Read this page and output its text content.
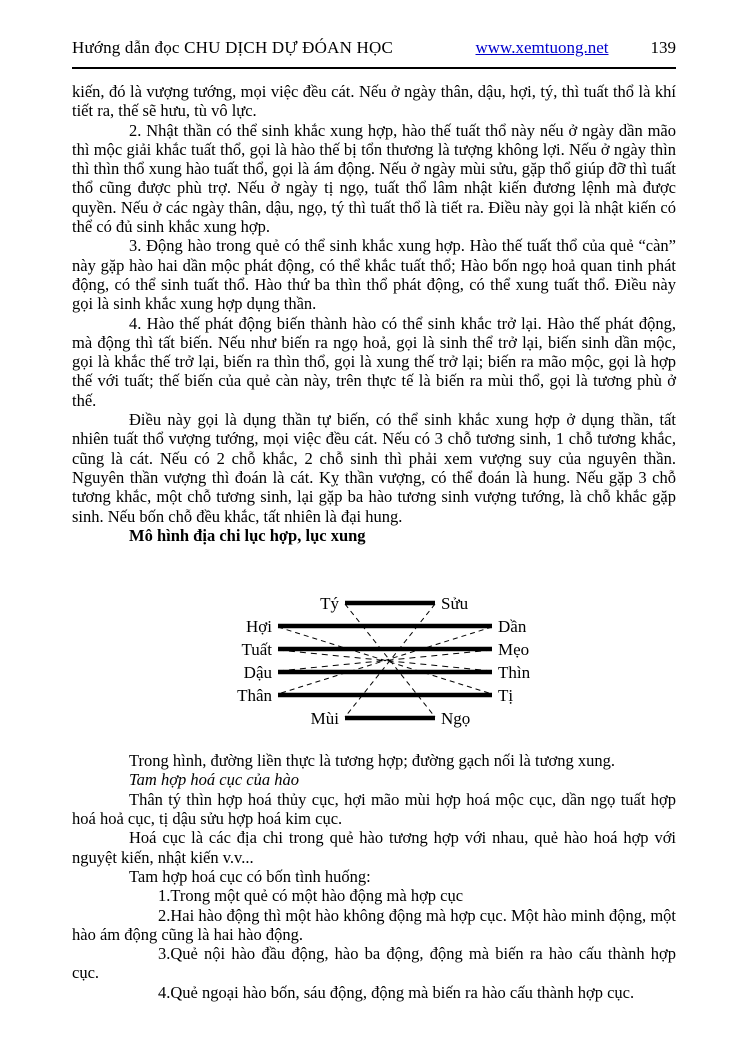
Hướng dẫn đọc CHU DỊCH DỰ ĐÓAN HỌC	www.xemtuong.net 139

kiến, đó là vượng tướng, mọi việc đều cát. Nếu ở ngày thân, dậu, hợi, tý, thì tuất thổ là khí tiết ra, thế sẽ hưu, tù vô lực.

2. Nhật thần có thể sinh khắc xung hợp, hào thế tuất thổ này nếu ở ngày dần mão thì mộc giải khắc tuất thổ, gọi là hào thế bị tổn thương là tượng không lợi. Nếu ở ngày thìn thì thìn thổ xung hào tuất thổ, gọi là ám động. Nếu ở ngày mùi sửu, gặp thổ giúp đỡ thì tuất thổ cũng được phù trợ. Nếu ở ngày tị ngọ, tuất thổ lâm nhật kiến đương lệnh mà được quyền. Nếu ở các ngày thân, dậu, ngọ, tý thì tuất thổ là tiết ra. Điều này gọi là nhật kiến có thể có đủ sinh khắc xung hợp.

3. Động hào trong quẻ có thể sinh khắc xung hợp. Hào thế tuất thổ của quẻ “càn” này gặp hào hai dần mộc phát động, có thể khắc tuất thổ; Hào bốn ngọ hoả quan tinh phát động, có thể sinh tuất thổ. Hào thứ ba thìn thổ phát động, có thể xung tuất thổ. Điều này gọi là sinh khắc xung hợp dụng thần.

4. Hào thế phát động biến thành hào có thể sinh khắc trở lại. Hào thế phát động, mà động thì tất biến. Nếu như biến ra ngọ hoả, gọi là sinh thể trở lại, biến sinh dần mộc, gọi là khắc thế trở lại, biến ra thìn thổ, gọi là xung thế trở lại; biến ra mão mộc, gọi là hợp thế với tuất; thế biến của quẻ càn này, trên thực tế là biến ra mùi thổ, gọi là tương phù ở thế.

Điều này gọi là dụng thần tự biến, có thể sinh khắc xung hợp ở dụng thần, tất nhiên tuất thổ vượng tướng, mọi việc đều cát. Nếu có 3 chỗ tương sinh, 1 chỗ tương khắc, cũng là cát. Nếu có 2 chỗ khắc, 2 chỗ sinh thì phải xem vượng suy của nguyên thần. Nguyên thần vượng thì đoán là cát. Kỵ thần vượng, có thể đoán là hung. Nếu gặp 3 chỗ tương khắc, một chỗ tương sinh, lại gặp ba hào tương sinh vượng tướng, là chỗ khắc gặp sinh. Nếu bốn chỗ đều khắc, tất nhiên là đại hung.

Mô hình địa chi lục hợp, lục xung

Tý	Sửu
Hợi	Dần
Tuất	Mẹo
Dậu	Thìn
Thân	Tị
Mùi	Ngọ

Trong hình, đường liền thực là tương hợp; đường gạch nối là tương xung.

Tam hợp hoá cục của hào

Thân tý thìn hợp hoá thủy cục, hợi mão mùi hợp hoá mộc cục, dần ngọ tuất hợp hoá hoả cục, tị dậu sửu hợp hoá kim cục.

Hoá cục là các địa chi trong quẻ hào tương hợp với nhau, quẻ hào hoá hợp với nguyệt kiến, nhật kiến v.v...

Tam hợp hoá cục có bốn tình huống:

1.Trong một quẻ có một hào động mà hợp cục

2.Hai hào động thì một hào không động mà hợp cục. Một hào minh động, một hào ám động cũng là hai hào động.

3.Quẻ nội hào đầu động, hào ba động, động mà biến ra hào cấu thành hợp cục.

4.Quẻ ngoại hào bốn, sáu động, động mà biến ra hào cấu thành hợp cục.
